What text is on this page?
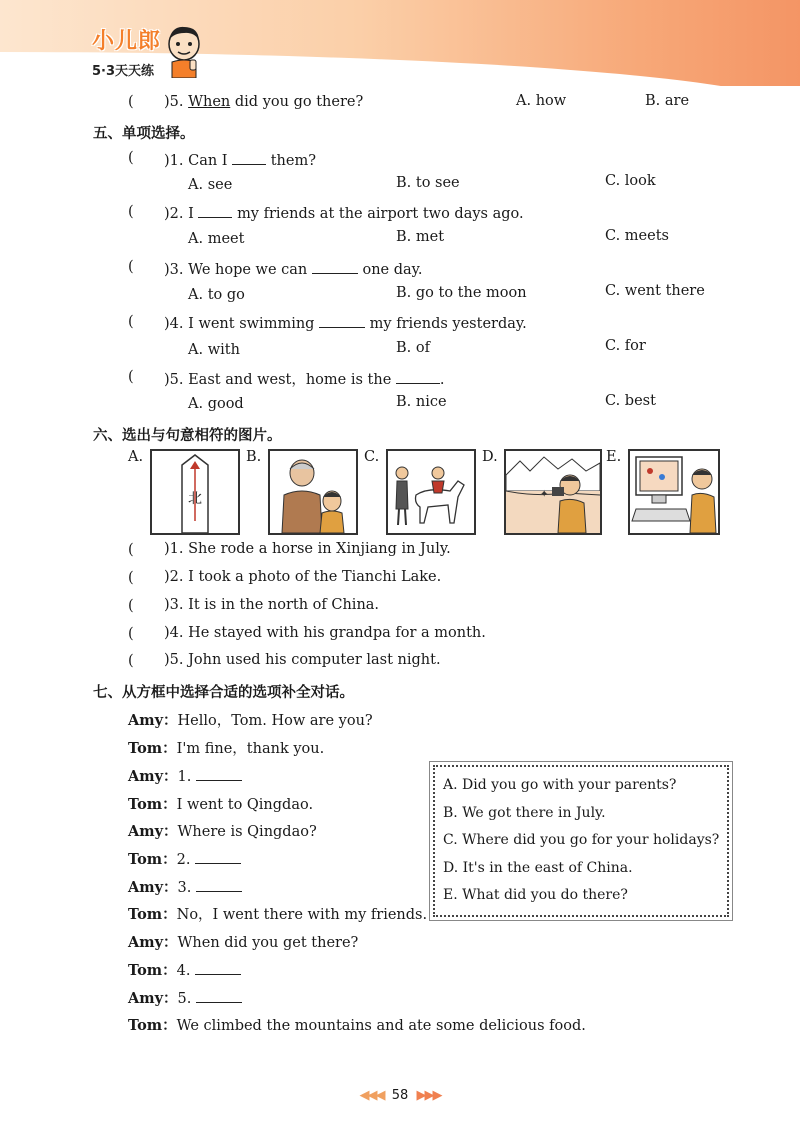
小儿郎
5·3天天练
( )5. When did you go there?	A. how	B. are
五、单项选择。
( )1. Can I	them?
A. see	B. to see	C. look
( )2. I	my friends at the airport two days ago.
A. meet	B. met	C. meets
( )3. We hope we can	one day.
A. to go	B. go to the moon	C. went there
( )4. I went swimming	my friends yesterday.
A. with	B. of	C. for
( )5. East and west，home is the	.
A. good	B. nice	C. best
六、选出与句意相符的图片。
A.
北
B.	C.	D.
✦
E.
( )1. She rode a horse in Xinjiang in July.
( )2. I took a photo of the Tianchi Lake.
( )3. It is in the north of China.
( )4. He stayed with his grandpa for a month.
( )5. John used his computer last night.
七、从方框中选择合适的选项补全对话。
Amy：Hello，Tom. How are you?
Tom：I'm fine，thank you.
Amy：1.
Tom：I went to Qingdao.
Amy：Where is Qingdao?
Tom：2.
Amy：3.
Tom：No，I went there with my friends.
Amy：When did you get there?
Tom：4.
Amy：5.
Tom：We climbed the mountains and ate some delicious food.
A. Did you go with your parents?
B. We got there in July.
C. Where did you go for your holidays?
D. It's in the east of China.
E. What did you do there?
◀◀◀ 58 ▶▶▶
